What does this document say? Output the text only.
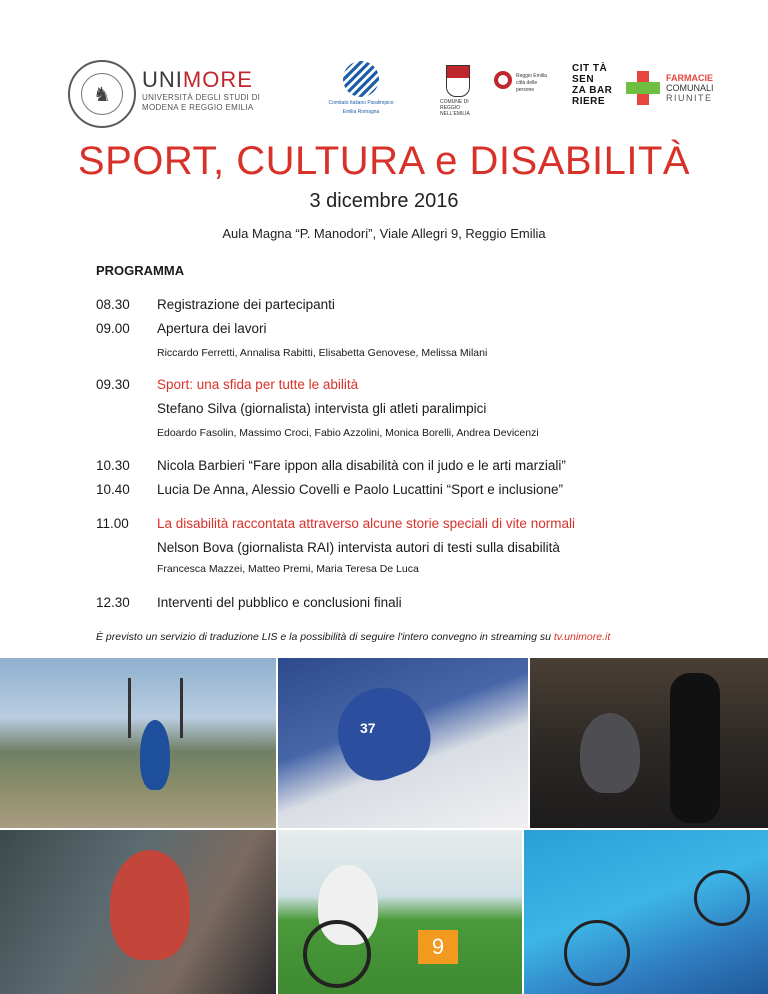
♞
UNIMORE
UNIVERSITÀ DEGLI STUDI DI
MODENA E REGGIO EMILIA	Comitato Italiano Paralimpico
Emilia Romagna
COMUNE DI REGGIO NELL'EMILIA
Reggio Emilia
città delle persone
CIT TÀ
SEN
ZA BAR
RIERE
FARMACIE
COMUNALI
RIUNITE
SPORT, CULTURA e DISABILITÀ
3 dicembre 2016
Aula Magna “P. Manodori”, Viale Allegri 9, Reggio Emilia
PROGRAMMA
08.30	Registrazione dei partecipanti
09.00	Apertura dei lavori
Riccardo Ferretti, Annalisa Rabitti, Elisabetta Genovese, Melissa Milani
09.30	Sport: una sfida per tutte le abilità
Stefano Silva (giornalista) intervista gli atleti paralimpici
Edoardo Fasolin, Massimo Croci, Fabio Azzolini, Monica Borelli, Andrea Devicenzi
10.30	Nicola Barbieri “Fare ippon alla disabilità con il judo e le arti marziali”
10.40	Lucia De Anna, Alessio Covelli e Paolo Lucattini “Sport e inclusione”
11.00	La disabilità raccontata attraverso alcune storie speciali di vite normali
Nelson Bova (giornalista RAI) intervista autori di testi sulla disabilità
Francesca Mazzei, Matteo Premi, Maria Teresa De Luca
12.30	Interventi del pubblico e conclusioni finali
È previsto un servizio di traduzione LIS e la possibilità di seguire l'intero convegno in streaming su tv.unimore.it
37
9
